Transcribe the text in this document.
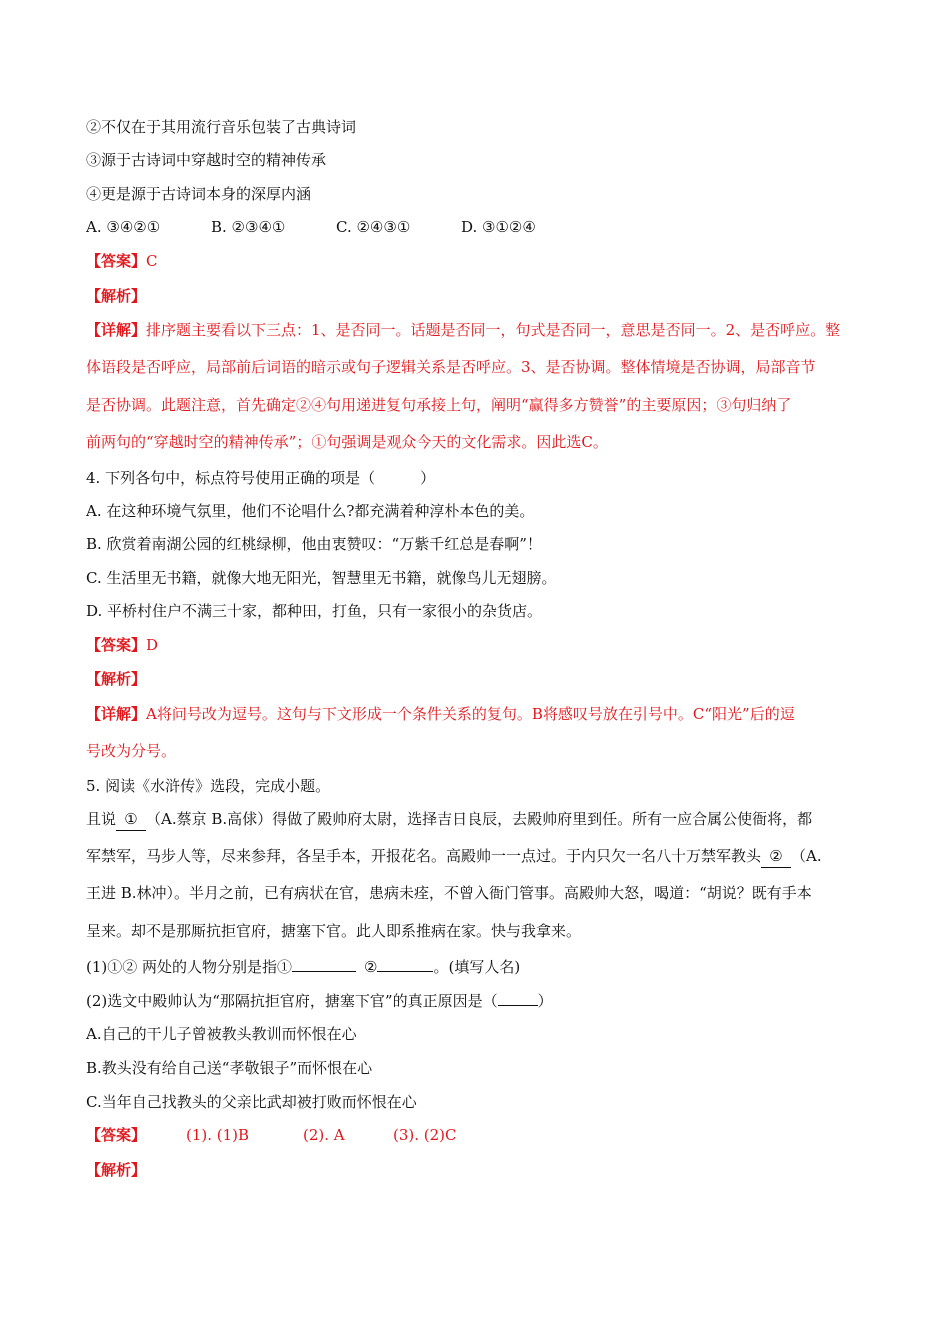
②不仅在于其用流行音乐包装了古典诗词
③源于古诗词中穿越时空的精神传承
④更是源于古诗词本身的深厚内涵
A. ③④②①	B. ②③④①	C. ②④③①	D. ③①②④
【答案】C
【解析】
【详解】排序题主要看以下三点：1、是否同一。话题是否同一，句式是否同一，意思是否同一。2、是否呼应。整
体语段是否呼应，局部前后词语的暗示或句子逻辑关系是否呼应。3、是否协调。整体情境是否协调，局部音节
是否协调。此题注意，首先确定②④句用递进复句承接上句，阐明“赢得多方赞誉”的主要原因；③句归纳了
前两句的“穿越时空的精神传承”；①句强调是观众今天的文化需求。因此选C。
4. 下列各句中，标点符号使用正确的项是（　　　）
A. 在这种环境气氛里，他们不论唱什么?都充满着种淳朴本色的美。
B. 欣赏着南湖公园的红桃绿柳，他由衷赞叹：“万紫千红总是春啊”！
C. 生活里无书籍，就像大地无阳光，智慧里无书籍，就像鸟儿无翅膀。
D. 平桥村住户不满三十家，都种田，打鱼，只有一家很小的杂货店。
【答案】D
【解析】
【详解】A将问号改为逗号。这句与下文形成一个条件关系的复句。B将感叹号放在引号中。C“阳光”后的逗
号改为分号。
5. 阅读《水浒传》选段，完成小题。
且说 ① （A.蔡京 B.高俅）得做了殿帅府太尉，选择吉日良辰，去殿帅府里到任。所有一应合属公使衙将，都
军禁军，马步人等，尽来参拜，各呈手本，开报花名。高殿帅一一点过。于内只欠一名八十万禁军教头 ② （A.
王进 B.林冲）。半月之前，已有病状在官，患病未痊，不曾入衙门管事。高殿帅大怒，喝道：“胡说？既有手本
呈来。却不是那厮抗拒官府，搪塞下官。此人即系推病在家。快与我拿来。
(1)①② 两处的人物分别是指①	②	。(填写人名)
(2)选文中殿帅认为“那隔抗拒官府，搪塞下官”的真正原因是（	）
A.自己的干儿子曾被教头教训而怀恨在心
B.教头没有给自己送“孝敬银子”而怀恨在心
C.当年自己找教头的父亲比武却被打败而怀恨在心
【答案】	(1). (1)B	(2). A	(3). (2)C
【解析】
